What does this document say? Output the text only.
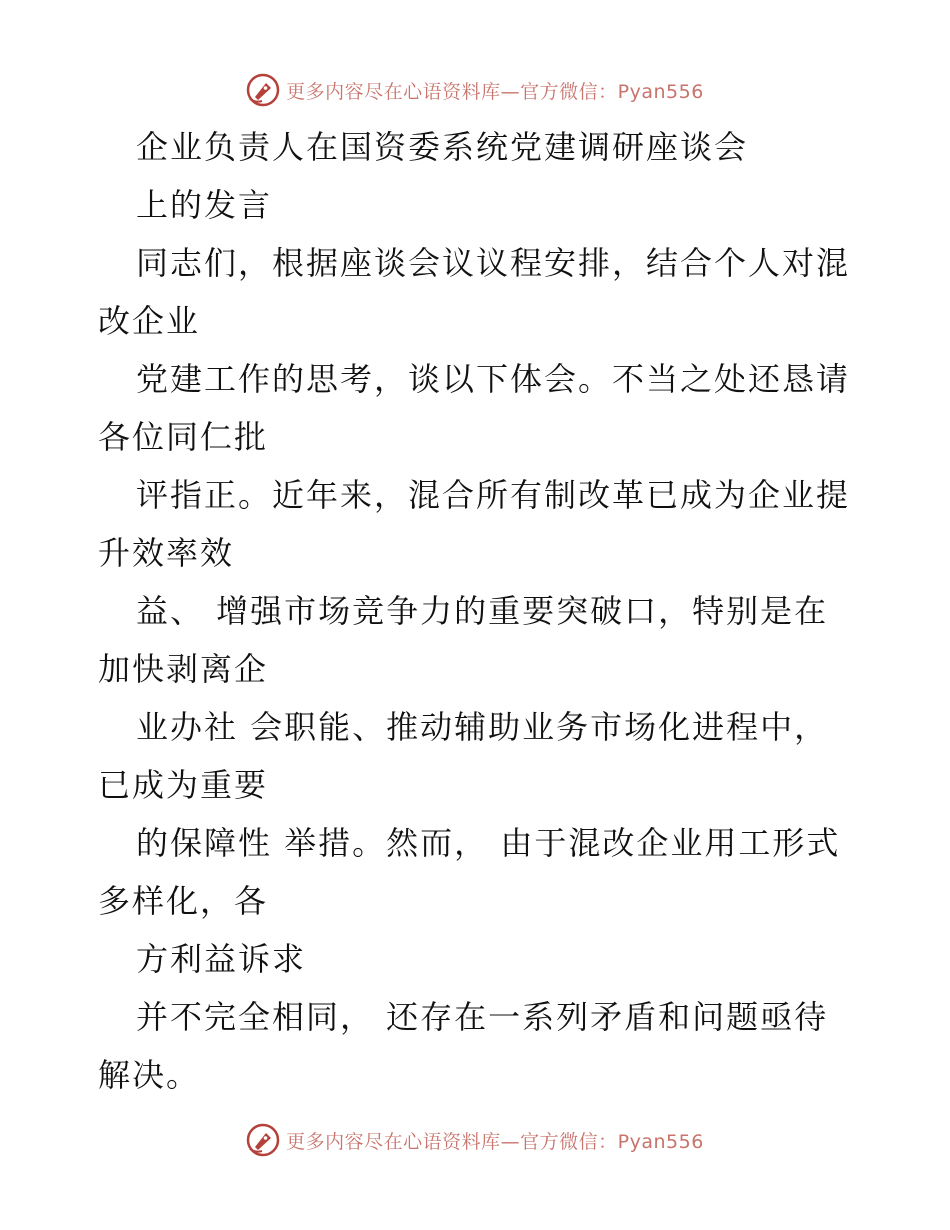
更多内容尽在心语资料库—官方微信：Pyan556
企业负责人在国资委系统党建调研座谈会
上的发言
同志们，根据座谈会议议程安排，结合个人对混
改企业
党建工作的思考，谈以下体会。不当之处还恳请
各位同仁批
评指正。近年来，混合所有制改革已成为企业提
升效率效
益、 增强市场竞争力的重要突破口，特别是在
加快剥离企
业办社 会职能、推动辅助业务市场化进程中，
已成为重要
的保障性 举措。然而， 由于混改企业用工形式
多样化，各
方利益诉求
并不完全相同， 还存在一系列矛盾和问题亟待
解决。
更多内容尽在心语资料库—官方微信：Pyan556
